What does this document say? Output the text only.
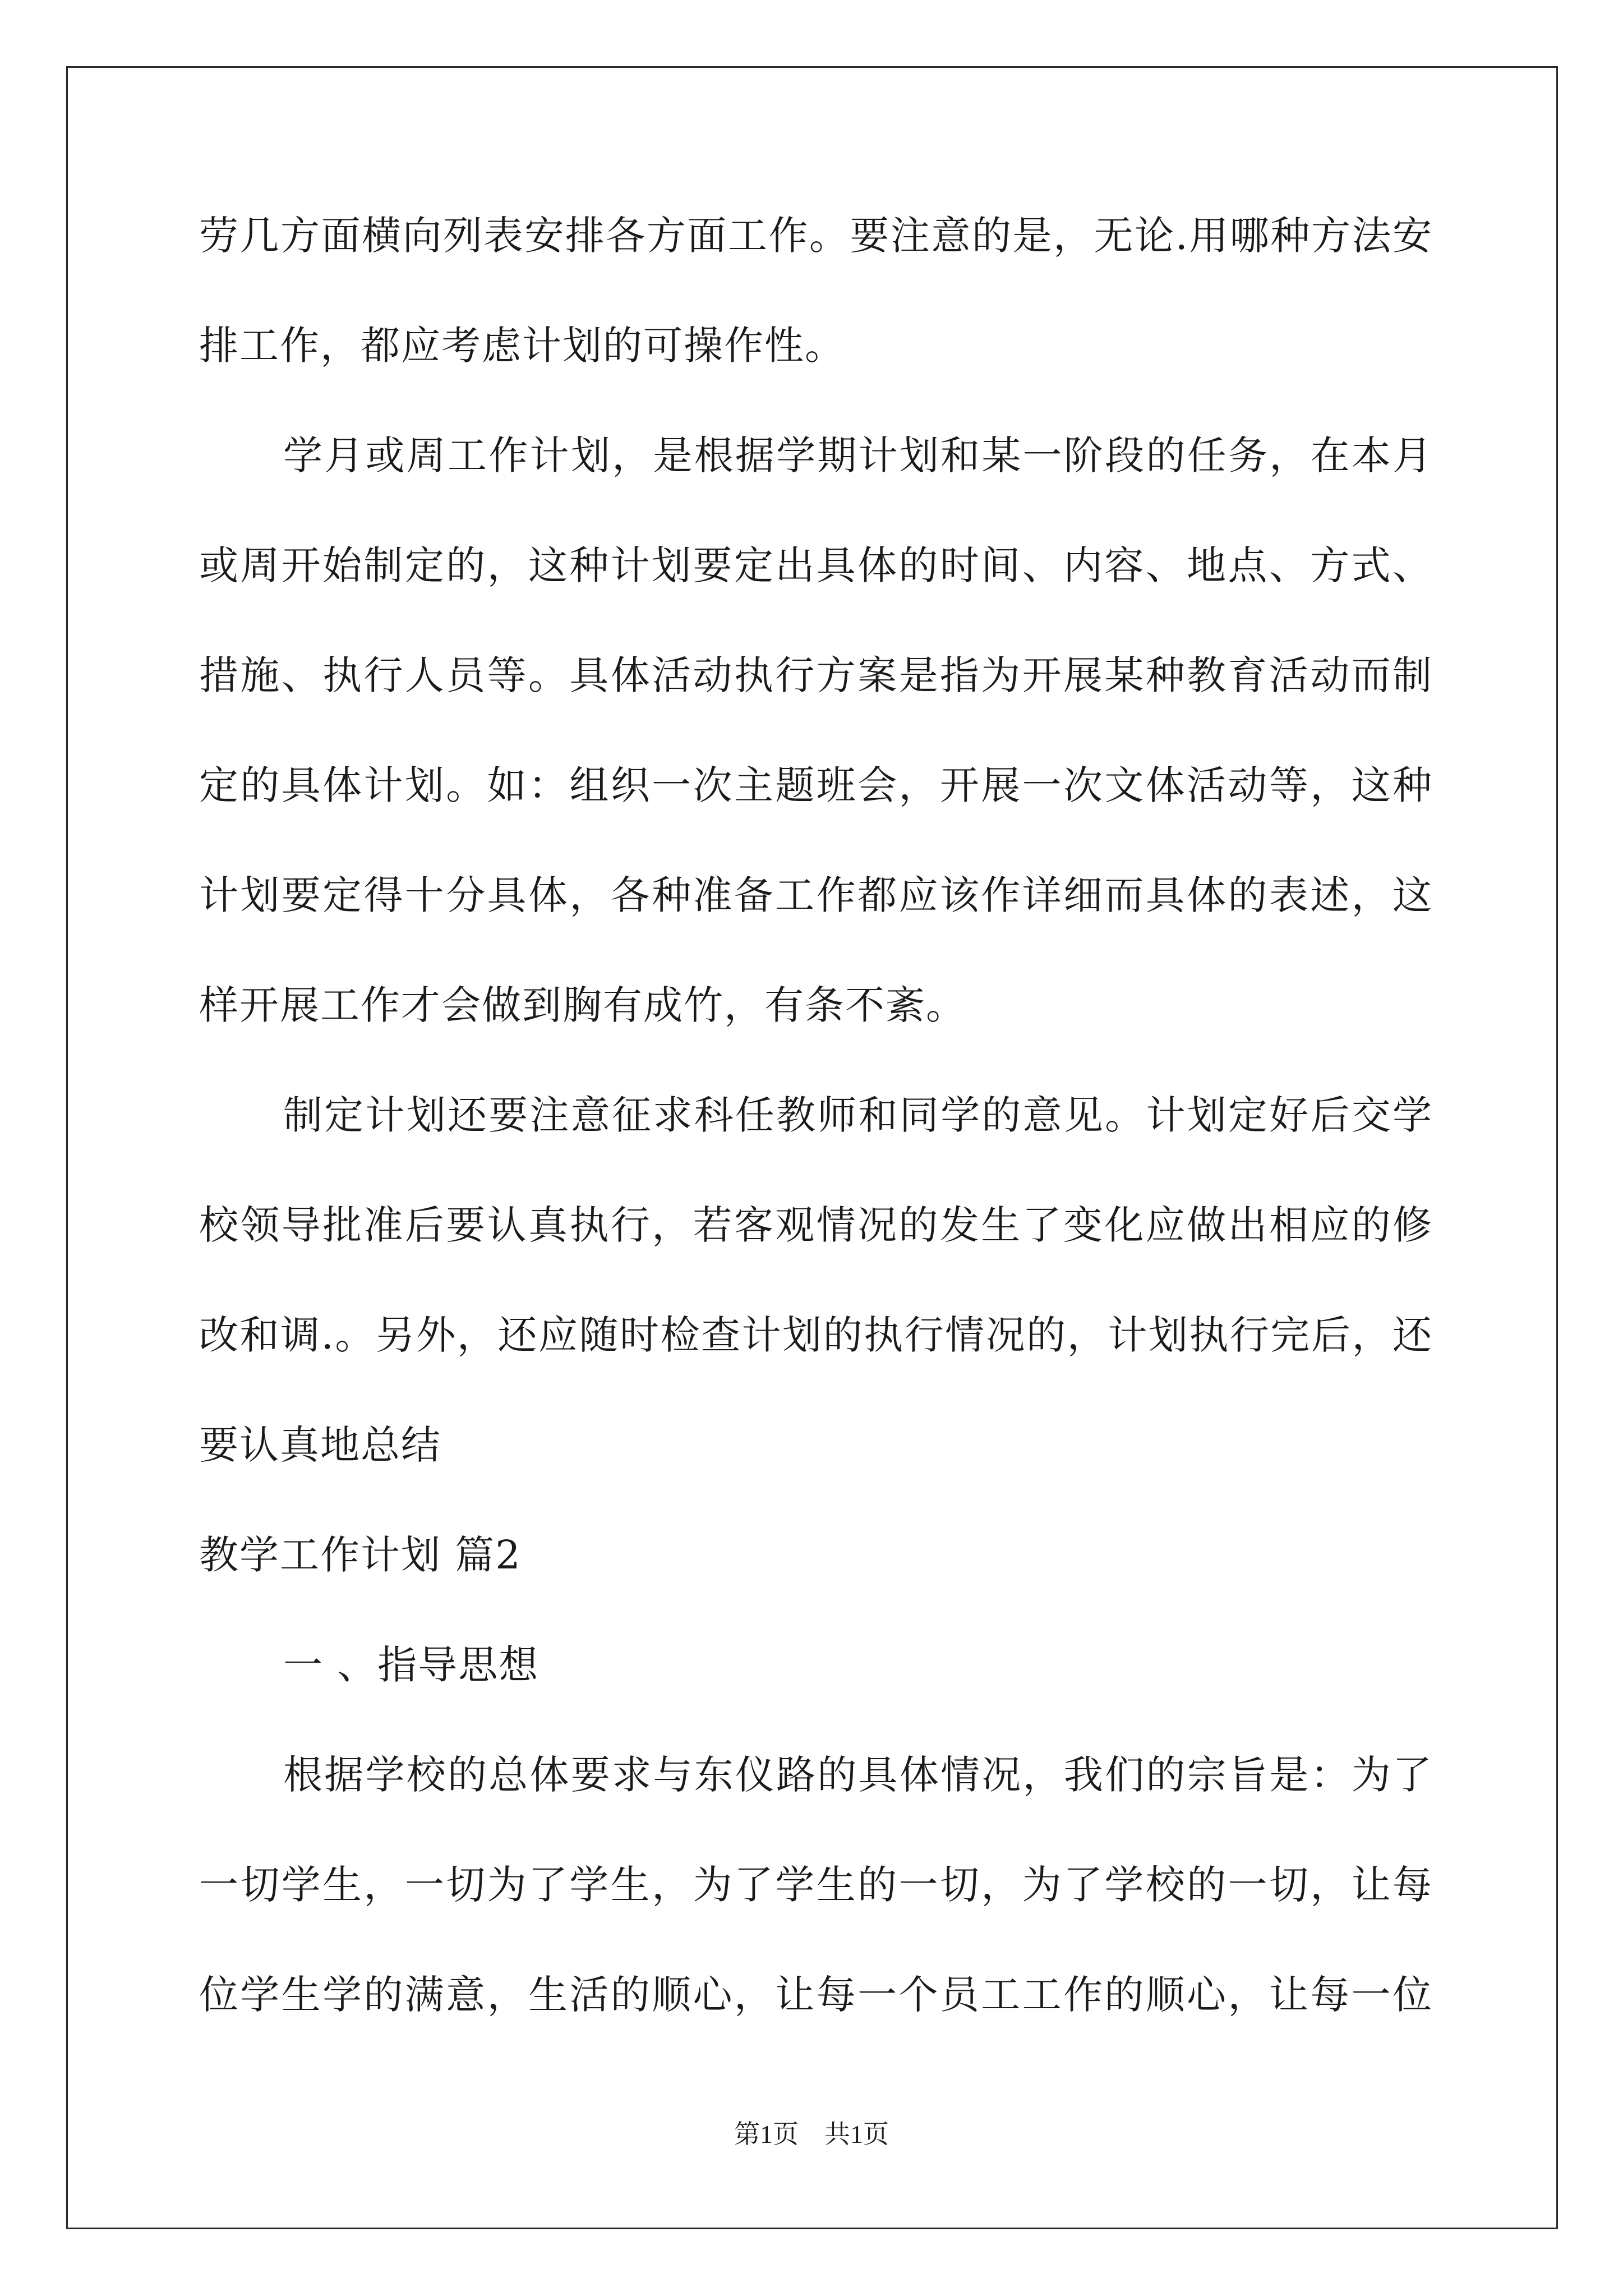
劳几方面横向列表安排各方面工作。要注意的是，无论.用哪种方法安
排工作，都应考虑计划的可操作性。
学月或周工作计划，是根据学期计划和某一阶段的任务，在本月
或周开始制定的，这种计划要定出具体的时间、内容、地点、方式、
措施、执行人员等。具体活动执行方案是指为开展某种教育活动而制
定的具体计划。如：组织一次主题班会，开展一次文体活动等，这种
计划要定得十分具体，各种准备工作都应该作详细而具体的表述，这
样开展工作才会做到胸有成竹，有条不紊。
制定计划还要注意征求科任教师和同学的意见。计划定好后交学
校领导批准后要认真执行，若客观情况的发生了变化应做出相应的修
改和调.。另外，还应随时检查计划的执行情况的，计划执行完后，还
要认真地总结
教学工作计划 篇2
一 、指导思想
根据学校的总体要求与东仪路的具体情况，我们的宗旨是：为了
一切学生，一切为了学生，为了学生的一切，为了学校的一切，让每
位学生学的满意，生活的顺心，让每一个员工工作的顺心，让每一位
第1页　共1页
